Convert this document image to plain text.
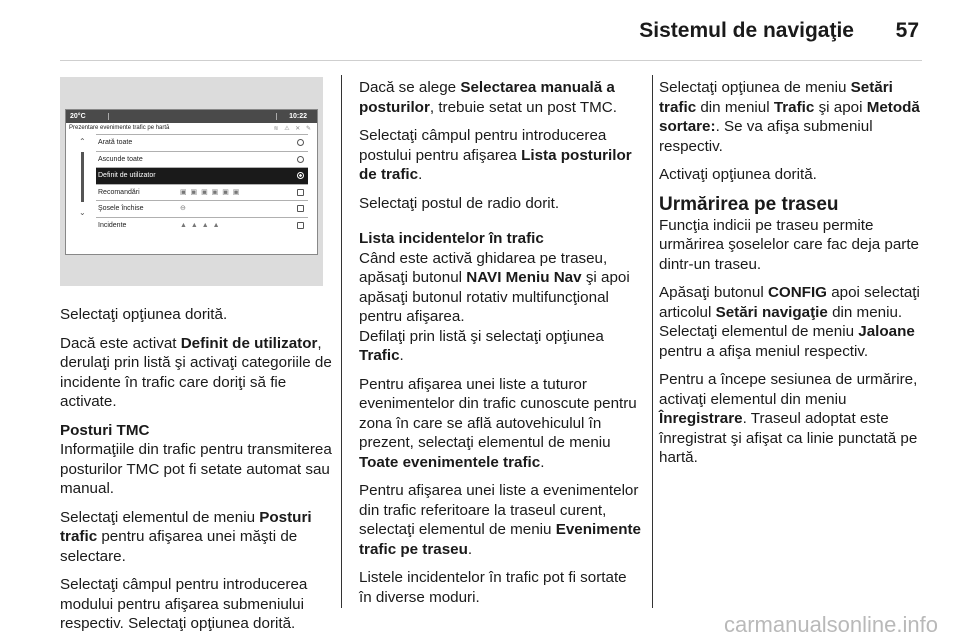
Sistemul de navigaţie 57
20°C	10:22
Prezentare evenimente trafic pe hartă	≋ ⚠ ✕ ✎
⌃
⌄
Arată toate
Ascunde toate
Definit de utilizator
Recomandări	▣ ▣ ▣ ▣ ▣ ▣
Şosele închise	⊖
Incidente	▲ ▲ ▲ ▲

Selectaţi opţiunea dorită.

Dacă este activat Definit de utilizator, derulaţi prin listă şi activaţi categoriile de incidente în trafic care doriţi să fie activate.

Posturi TMC

Informaţiile din trafic pentru transmiterea posturilor TMC pot fi setate automat sau manual.

Selectaţi elementul de meniu Posturi trafic pentru afişarea unei măşti de selectare.

Selectaţi câmpul pentru introducerea modului pentru afişarea submeniului respectiv. Selectaţi opţiunea dorită.

Dacă se alege Selectarea manuală a posturilor, trebuie setat un post TMC.

Selectaţi câmpul pentru introducerea postului pentru afişarea Lista posturilor de trafic.

Selectaţi postul de radio dorit.

Lista incidentelor în trafic

Când este activă ghidarea pe traseu, apăsaţi butonul NAVI Meniu Nav şi apoi apăsaţi butonul rotativ multifuncţional pentru afişarea.

Defilaţi prin listă şi selectaţi opţiunea Trafic.

Pentru afişarea unei liste a tuturor evenimentelor din trafic cunoscute pentru zona în care se află autovehiculul în prezent, selectaţi elementul de meniu Toate evenimentele trafic.

Pentru afişarea unei liste a evenimentelor din trafic referitoare la traseul curent, selectaţi elementul de meniu Evenimente trafic pe traseu.

Listele incidentelor în trafic pot fi sortate în diverse moduri.

Selectaţi opţiunea de meniu Setări trafic din meniul Trafic şi apoi Metodă sortare:. Se va afişa submeniul respectiv.

Activaţi opţiunea dorită.

Urmărirea pe traseu

Funcţia indicii pe traseu permite urmărirea şoselelor care fac deja parte dintr-un traseu.

Apăsaţi butonul CONFIG apoi selectaţi articolul Setări navigaţie din meniu. Selectaţi elementul de meniu Jaloane pentru a afişa meniul respectiv.

Pentru a începe sesiunea de urmărire, activaţi elementul din meniu Înregistrare. Traseul adoptat este înregistrat şi afişat ca linie punctată pe hartă.

carmanualsonline.info
